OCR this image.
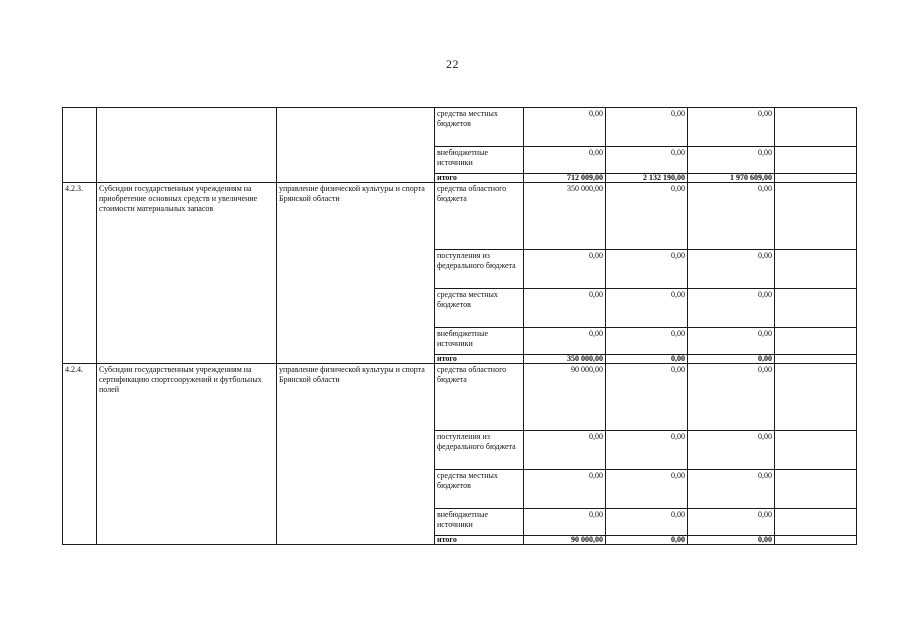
22
			средства местных бюджетов	0,00	0,00	0,00	
			внебюджетные источники	0,00	0,00	0,00	
			итого	712 009,00	2 132 190,00	1 970 609,00	
4.2.3.	Субсидии государственным учреждениям на приобретение основных средств и увеличение стоимости материальных запасов	управление физической культуры и спорта Брянской области	средства областного бюджета	350 000,00	0,00	0,00	
			поступления из федерального бюджета	0,00	0,00	0,00	
			средства местных бюджетов	0,00	0,00	0,00	
			внебюджетные источники	0,00	0,00	0,00	
			итого	350 000,00	0,00	0,00	
4.2.4.	Субсидии государственным учреждениям на сертификацию спортсооружений и футбольных полей	управление физической культуры и спорта Брянской области	средства областного бюджета	90 000,00	0,00	0,00	
			поступления из федерального бюджета	0,00	0,00	0,00	
			средства местных бюджетов	0,00	0,00	0,00	
			внебюджетные источники	0,00	0,00	0,00	
			итого	90 000,00	0,00	0,00	
